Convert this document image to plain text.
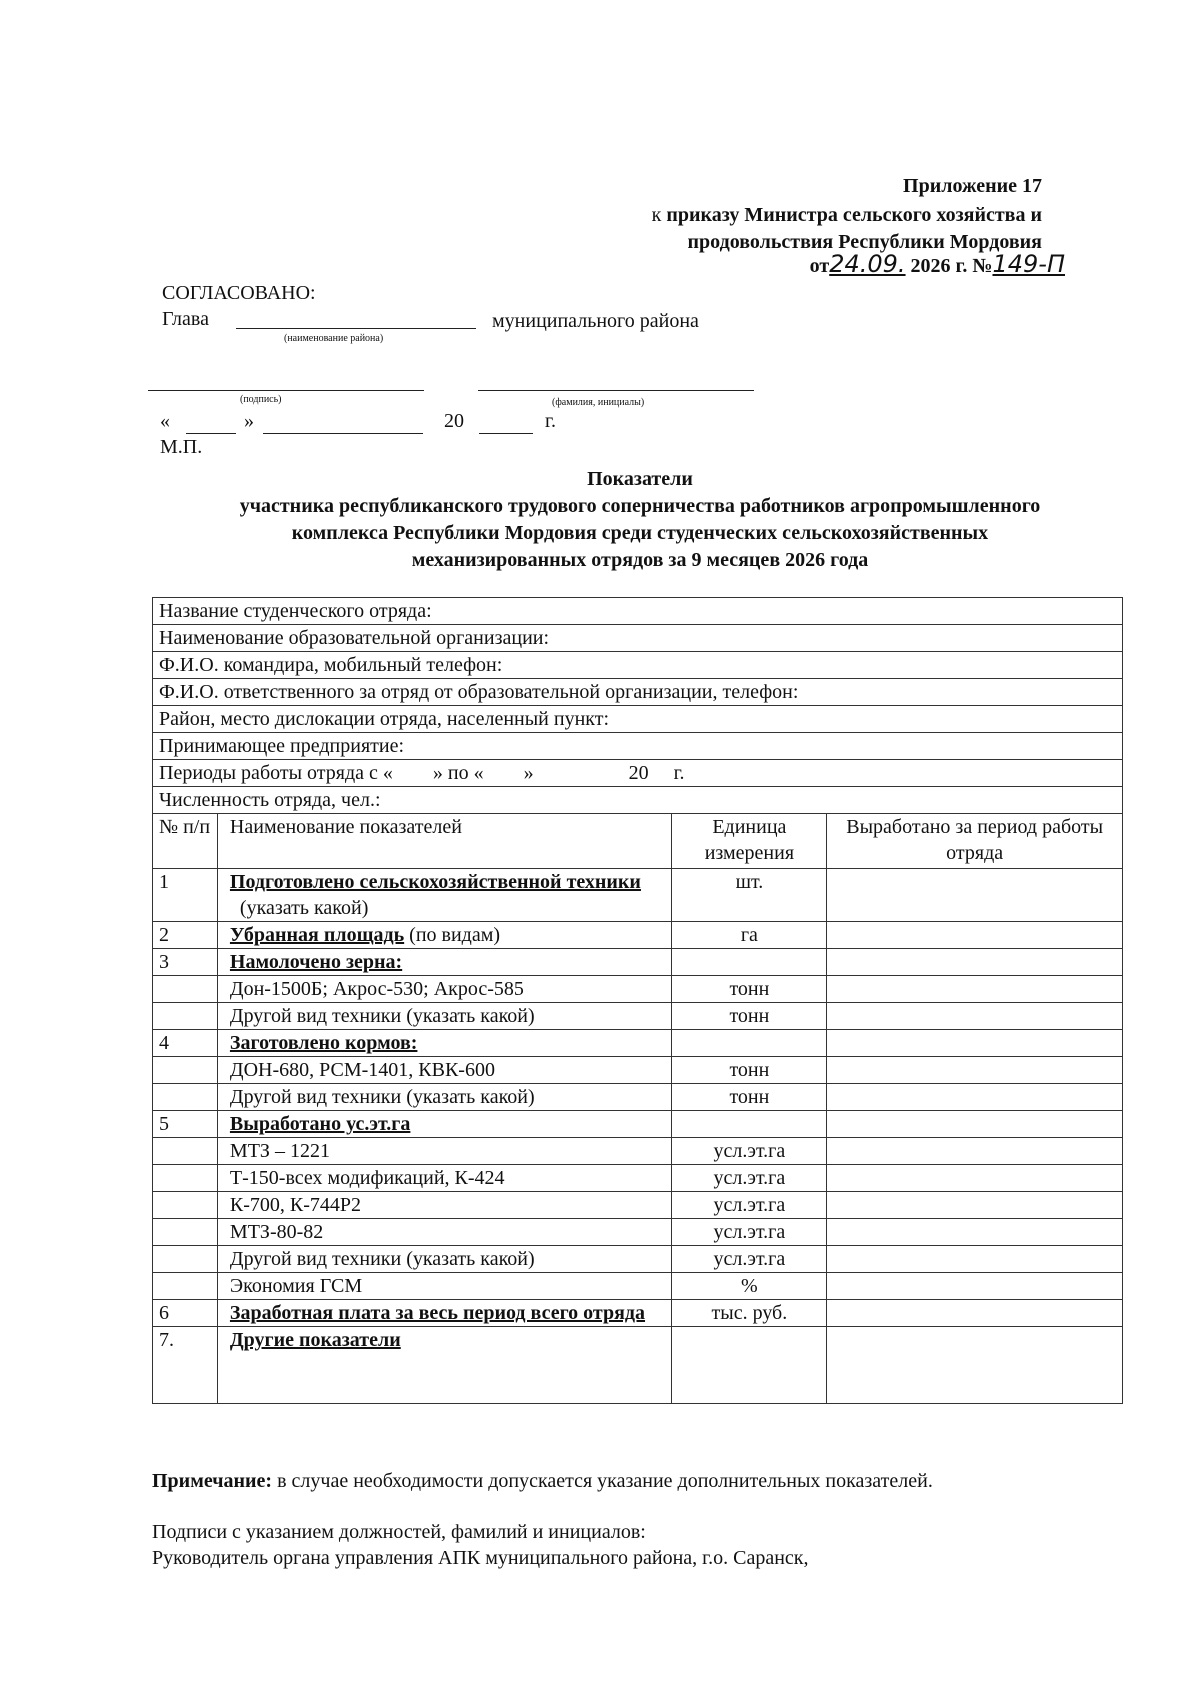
Приложение 17
к приказу Министра сельского хозяйства и
продовольствия Республики Мордовия
от24.09. 2026 г. №149-П
СОГЛАСОВАНО:
Глава
(наименование района)
муниципального района
(подпись)	(фамилия, инициалы)
«	»	20	г.
М.П.
Показатели
участника республиканского трудового соперничества работников агропромышленного
комплекса Республики Мордовия среди студенческих сельскохозяйственных
механизированных отрядов за 9 месяцев 2026 года
Название студенческого отряда:			
Наименование образовательной организации:			
Ф.И.О. командира, мобильный телефон:			
Ф.И.О. ответственного за отряд от образовательной организации, телефон:			
Район, место дислокации отряда, населенный пункт:			
Принимающее предприятие:			
Периоды работы отряда с «        » по «        »                   20     г.			
Численность отряда, чел.:			
№ п/п	Наименование показателей	Единица измерения	Выработано за период работы отряда
1	Подготовлено сельскохозяйственной техники  (указать какой)	шт.	
2	Убранная площадь (по видам)	га	
3	Намолочено зерна:		
	Дон-1500Б; Акрос-530; Акрос-585	тонн	
	Другой вид техники (указать какой)	тонн	
4	Заготовлено кормов:		
	ДОН-680, РСМ-1401, КВК-600	тонн	
	Другой вид техники (указать какой)	тонн	
5	Выработано ус.эт.га		
	МТЗ – 1221	усл.эт.га	
	Т-150-всех модификаций, К-424	усл.эт.га	
	К-700, К-744Р2	усл.эт.га	
	МТЗ-80-82	усл.эт.га	
	Другой вид техники (указать какой)	усл.эт.га	
	Экономия ГСМ	%	
6	Заработная плата за весь период всего отряда	тыс. руб.	
7.	Другие показатели		
Примечание: в случае необходимости допускается указание дополнительных показателей.
Подписи с указанием должностей, фамилий и инициалов:
Руководитель органа управления АПК муниципального района, г.о. Саранск,
